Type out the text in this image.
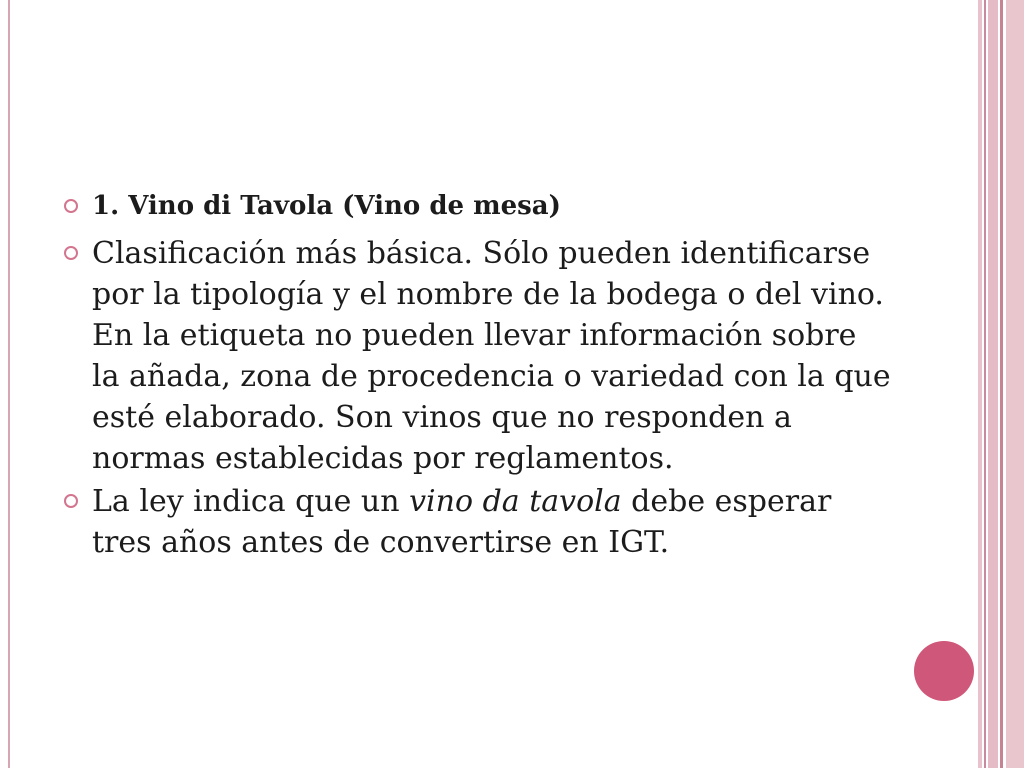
1. Vino di Tavola (Vino de mesa)
Clasificación más básica. Sólo pueden identificarse por la tipología y el nombre de la bodega o del vino. En la etiqueta no pueden llevar información sobre la añada, zona de procedencia o variedad con la que esté elaborado. Son vinos que no responden a normas establecidas por reglamentos.
La ley indica que un vino da tavola debe esperar tres años antes de convertirse en IGT.
